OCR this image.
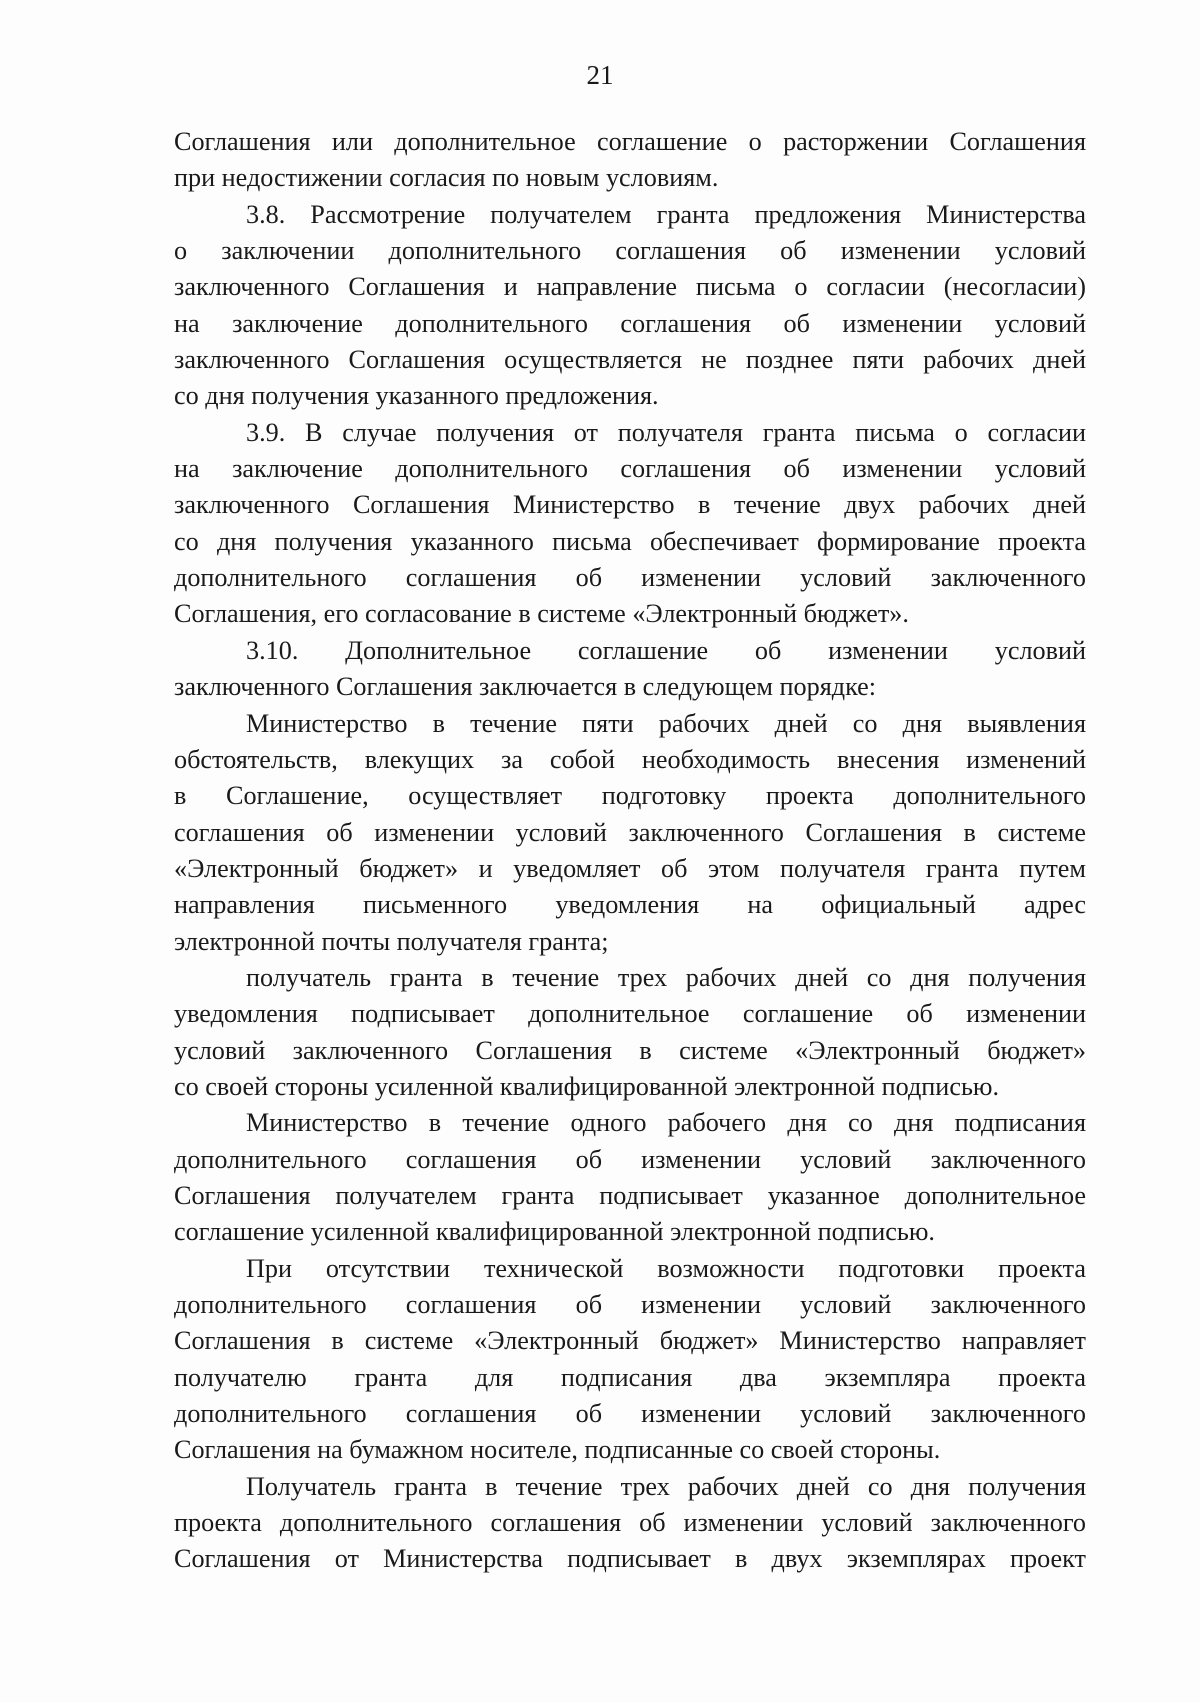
21
Соглашения или дополнительное соглашение о расторжении Соглашения
при недостижении согласия по новым условиям.
3.8. Рассмотрение получателем гранта предложения Министерства
о заключении дополнительного соглашения об изменении условий
заключенного Соглашения и направление письма о согласии (несогласии)
на заключение дополнительного соглашения об изменении условий
заключенного Соглашения осуществляется не позднее пяти рабочих дней
со дня получения указанного предложения.
3.9. В случае получения от получателя гранта письма о согласии
на заключение дополнительного соглашения об изменении условий
заключенного Соглашения Министерство в течение двух рабочих дней
со дня получения указанного письма обеспечивает формирование проекта
дополнительного соглашения об изменении условий заключенного
Соглашения, его согласование в системе «Электронный бюджет».
3.10. Дополнительное соглашение об изменении условий
заключенного Соглашения заключается в следующем порядке:
Министерство в течение пяти рабочих дней со дня выявления
обстоятельств, влекущих за собой необходимость внесения изменений
в Соглашение, осуществляет подготовку проекта дополнительного
соглашения об изменении условий заключенного Соглашения в системе
«Электронный бюджет» и уведомляет об этом получателя гранта путем
направления письменного уведомления на официальный адрес
электронной почты получателя гранта;
получатель гранта в течение трех рабочих дней со дня получения
уведомления подписывает дополнительное соглашение об изменении
условий заключенного Соглашения в системе «Электронный бюджет»
со своей стороны усиленной квалифицированной электронной подписью.
Министерство в течение одного рабочего дня со дня подписания
дополнительного соглашения об изменении условий заключенного
Соглашения получателем гранта подписывает указанное дополнительное
соглашение усиленной квалифицированной электронной подписью.
При отсутствии технической возможности подготовки проекта
дополнительного соглашения об изменении условий заключенного
Соглашения в системе «Электронный бюджет» Министерство направляет
получателю гранта для подписания два экземпляра проекта
дополнительного соглашения об изменении условий заключенного
Соглашения на бумажном носителе, подписанные со своей стороны.
Получатель гранта в течение трех рабочих дней со дня получения
проекта дополнительного соглашения об изменении условий заключенного
Соглашения от Министерства подписывает в двух экземплярах проект
